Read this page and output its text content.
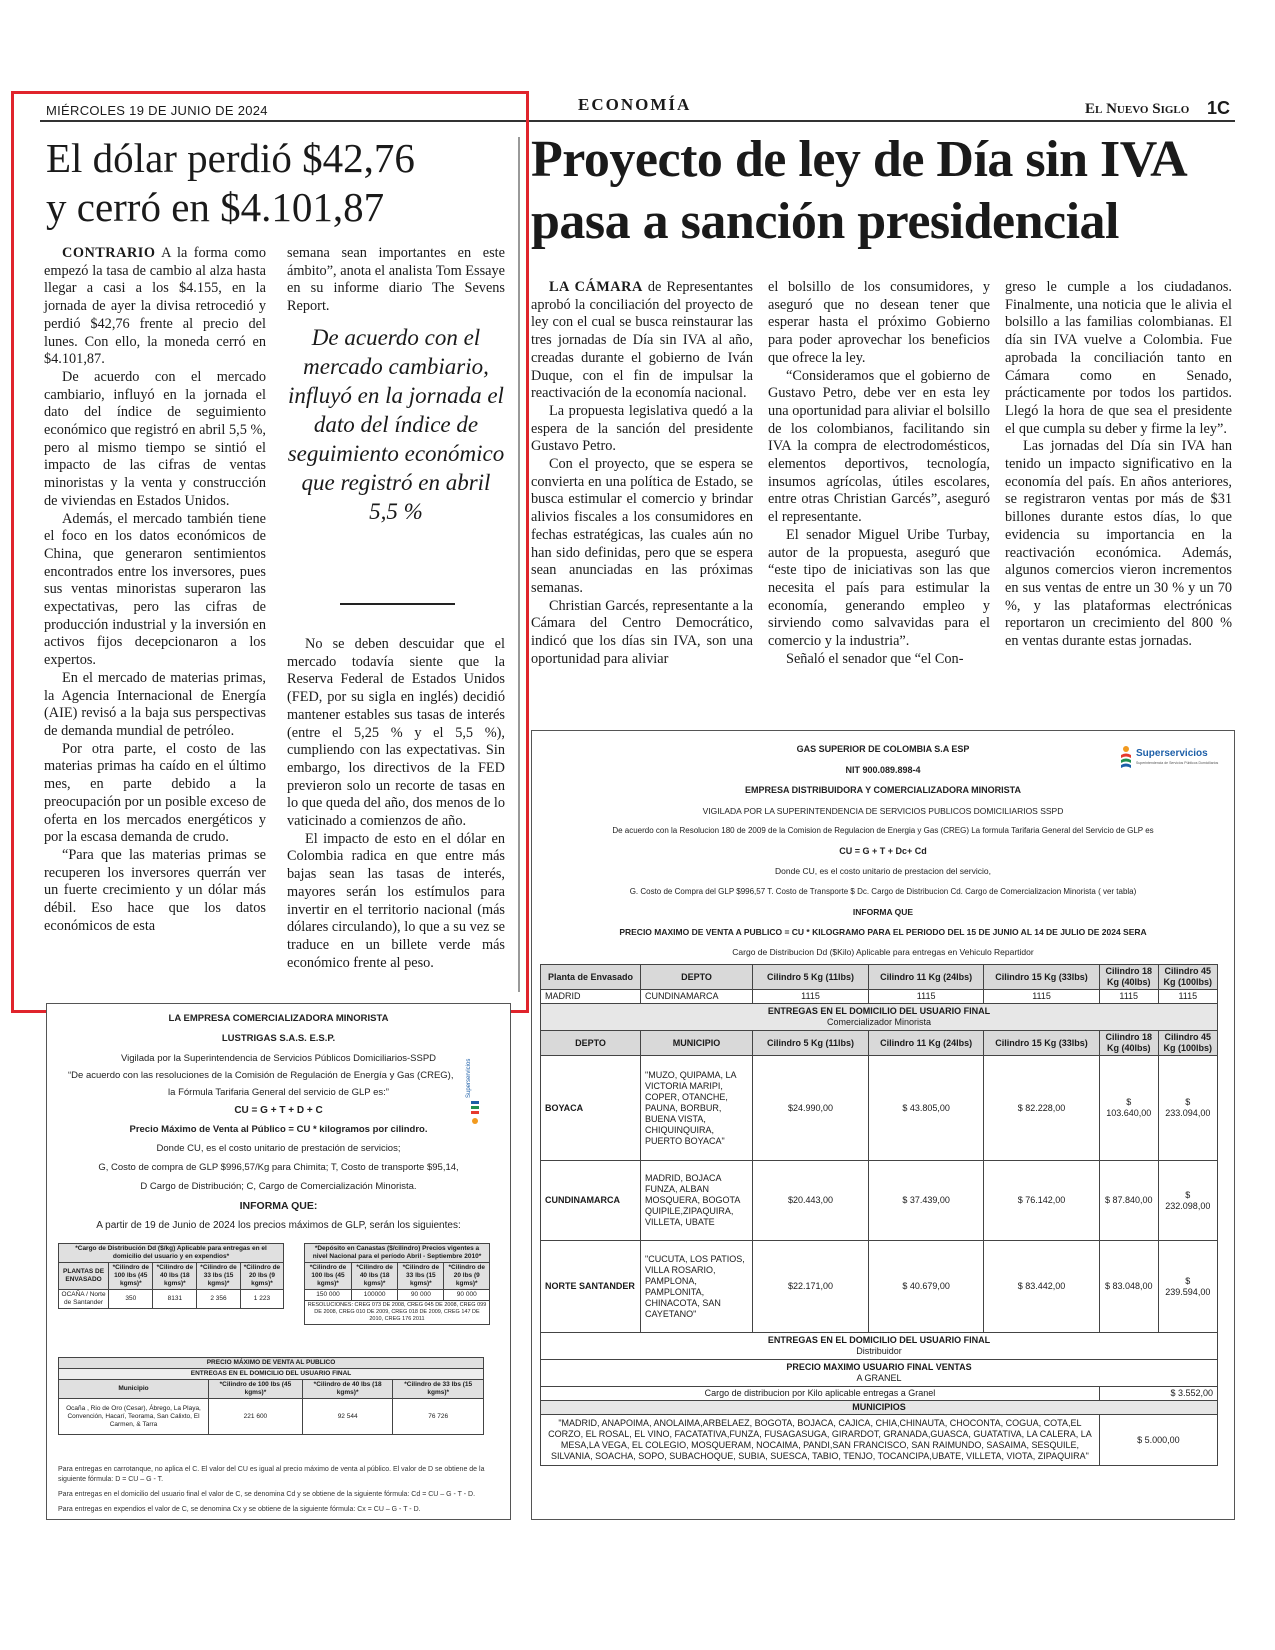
MIÉRCOLES 19 DE JUNIO DE 2024	ECONOMÍA	El Nuevo Siglo 1C
El dólar perdió $42,76
y cerró en $4.101,87

CONTRARIO A la forma como empezó la tasa de cambio al alza hasta llegar a casi a los $4.155, en la jornada de ayer la divisa retrocedió y perdió $42,76 frente al precio del lunes. Con ello, la moneda cerró en $4.101,87.

De acuerdo con el mercado cambiario, influyó en la jornada el dato del índice de seguimiento económico que registró en abril 5,5 %, pero al mismo tiempo se sintió el impacto de las cifras de ventas minoristas y la venta y construcción de viviendas en Estados Unidos.

Además, el mercado también tiene el foco en los datos económicos de China, que generaron sentimientos encontrados entre los inversores, pues sus ventas minoristas superaron las expectativas, pero las cifras de producción industrial y la inversión en activos fijos decepcionaron a los expertos.

En el mercado de materias primas, la Agencia Internacional de Energía (AIE) revisó a la baja sus perspectivas de demanda mundial de petróleo.

Por otra parte, el costo de las materias primas ha caído en el último mes, en parte debido a la preocupación por un posible exceso de oferta en los mercados energéticos y por la escasa demanda de crudo.

“Para que las materias primas se recuperen los inversores querrán ver un fuerte crecimiento y un dólar más débil. Eso hace que los datos económicos de esta

semana sean importantes en este ámbito”, anota el analista Tom Essaye en su informe diario The Sevens Report.

De acuerdo con el mercado cambiario, influyó en la jornada el dato del índice de seguimiento económico que registró en abril 5,5 %

No se deben descuidar que el mercado todavía siente que la Reserva Federal de Estados Unidos (FED, por su sigla en inglés) decidió mantener estables sus tasas de interés (entre el 5,25 % y el 5,5 %), cumpliendo con las expectativas. Sin embargo, los directivos de la FED previeron solo un recorte de tasas en lo que queda del año, dos menos de lo vaticinado a comienzos de año.

El impacto de esto en el dólar en Colombia radica en que entre más bajas sean las tasas de interés, mayores serán los estímulos para invertir en el territorio nacional (más dólares circulando), lo que a su vez se traduce en un billete verde más económico frente al peso.

Proyecto de ley de Día sin IVA
pasa a sanción presidencial

LA CÁMARA de Representantes aprobó la conciliación del proyecto de ley con el cual se busca reinstaurar las tres jornadas de Día sin IVA al año, creadas durante el gobierno de Iván Duque, con el fin de impulsar la reactivación de la economía nacional.

La propuesta legislativa quedó a la espera de la sanción del presidente Gustavo Petro.

Con el proyecto, que se espera se convierta en una política de Estado, se busca estimular el comercio y brindar alivios fiscales a los consumidores en fechas estratégicas, las cuales aún no han sido definidas, pero que se espera sean anunciadas en las próximas semanas.

Christian Garcés, representante a la Cámara del Centro Democrático, indicó que los días sin IVA, son una oportunidad para aliviar

el bolsillo de los consumidores, y aseguró que no desean tener que esperar hasta el próximo Gobierno para poder aprovechar los beneficios que ofrece la ley.

“Consideramos que el gobierno de Gustavo Petro, debe ver en esta ley una oportunidad para aliviar el bolsillo de los colombianos, facilitando sin IVA la compra de electrodomésticos, elementos deportivos, tecnología, insumos agrícolas, útiles escolares, entre otras Christian Garcés”, aseguró el representante.

El senador Miguel Uribe Turbay, autor de la propuesta, aseguró que “este tipo de iniciativas son las que necesita el país para estimular la economía, generando empleo y sirviendo como salvavidas para el comercio y la industria”.

Señaló el senador que “el Con-

greso le cumple a los ciudadanos. Finalmente, una noticia que le alivia el bolsillo a las familias colombianas. El día sin IVA vuelve a Colombia. Fue aprobada la conciliación tanto en Cámara como en Senado, prácticamente por todos los partidos. Llegó la hora de que sea el presidente el que cumpla su deber y firme la ley”.

Las jornadas del Día sin IVA han tenido un impacto significativo en la economía del país. En años anteriores, se registraron ventas por más de $31 billones durante estos días, lo que evidencia su importancia en la reactivación económica. Además, algunos comercios vieron incrementos en sus ventas de entre un 30 % y un 70 %, y las plataformas electrónicas reportaron un crecimiento del 800 % en ventas durante estas jornadas.

GAS SUPERIOR DE COLOMBIA S.A ESP
NIT 900.089.898-4
EMPRESA DISTRIBUIDORA Y COMERCIALIZADORA MINORISTA
VIGILADA POR LA SUPERINTENDENCIA DE SERVICIOS PUBLICOS DOMICILIARIOS SSPD
De acuerdo con la Resolucion 180 de 2009 de la Comision de Regulacion de Energia y Gas (CREG) La formula Tarifaria General del Servicio de GLP es
CU = G + T + Dc+ Cd
Donde CU, es el costo unitario de prestacion del servicio,
G. Costo de Compra del GLP $996,57 T. Costo de Transporte $ Dc. Cargo de Distribucion Cd. Cargo de Comercializacion Minorista ( ver tabla)
INFORMA QUE
PRECIO MAXIMO DE VENTA A PUBLICO = CU * KILOGRAMO PARA EL PERIODO DEL 15 DE JUNIO AL 14 DE JULIO DE 2024 SERA
Cargo de Distribucion Dd ($Kilo) Aplicable para entregas en Vehiculo Repartidor
Superservicios
Superintendencia de Servicios Públicos Domiciliarios
Planta de Envasado	DEPTO	Cilindro 5 Kg (11lbs)	Cilindro 11 Kg (24lbs)	Cilindro 15 Kg (33lbs)	Cilindro 18 Kg (40lbs)	Cilindro 45 Kg (100lbs)
MADRID	CUNDINAMARCA	1115	1115	1115	1115	1115

ENTREGAS EN EL DOMICILIO DEL USUARIO FINAL
Comercializador Minorista						

DEPTO	MUNICIPIO	Cilindro 5 Kg (11lbs)	Cilindro 11 Kg (24lbs)	Cilindro 15 Kg (33lbs)	Cilindro 18 Kg (40lbs)	Cilindro 45 Kg (100lbs)
BOYACA	"MUZO, QUIPAMA, LA VICTORIA MARIPI, COPER, OTANCHE, PAUNA, BORBUR, BUENA VISTA, CHIQUINQUIRA, PUERTO BOYACA"	$24.990,00	$ 43.805,00	$ 82.228,00	$ 103.640,00	$ 233.094,00
CUNDINAMARCA	MADRID, BOJACA FUNZA, ALBAN MOSQUERA, BOGOTA QUIPILE,ZIPAQUIRA, VILLETA, UBATE	$20.443,00	$ 37.439,00	$ 76.142,00	$ 87.840,00	$ 232.098,00
NORTE SANTANDER	"CUCUTA, LOS PATIOS, VILLA ROSARIO, PAMPLONA, PAMPLONITA, CHINACOTA, SAN CAYETANO"	$22.171,00	$ 40.679,00	$ 83.442,00	$ 83.048,00	$ 239.594,00

ENTREGAS EN EL DOMICILIO DEL USUARIO FINAL
Distribuidor						

PRECIO MAXIMO USUARIO FINAL VENTAS
A GRANEL						

Cargo de distribucion por Kilo aplicable entregas a Granel					$ 3.552,00	
MUNICIPIOS						
"MADRID, ANAPOIMA, ANOLAIMA,ARBELAEZ, BOGOTA, BOJACA, CAJICA, CHIA,CHINAUTA, CHOCONTA, COGUA, COTA,EL CORZO, EL ROSAL, EL VINO, FACATATIVA,FUNZA, FUSAGASUGA, GIRARDOT, GRANADA,GUASCA, GUATATIVA, LA CALERA, LA MESA,LA VEGA, EL COLEGIO, MOSQUERAM, NOCAIMA, PANDI,SAN FRANCISCO, SAN RAIMUNDO, SASAIMA, SESQUILE, SILVANIA, SOACHA, SOPO, SUBACHOQUE, SUBIA, SUESCA, TABIO, TENJO, TOCANCIPA,UBATE, VILLETA, VIOTA, ZIPAQUIRA"					$ 5.000,00	
LA EMPRESA COMERCIALIZADORA MINORISTA
LUSTRIGAS S.A.S. E.S.P.
Vigilada por la Superintendencia de Servicios Públicos Domiciliarios-SSPD
“De acuerdo con las resoluciones de la Comisión de Regulación de Energía y Gas (CREG),
la Fórmula Tarifaria General del servicio de GLP es:”
CU = G + T + D + C
Precio Máximo de Venta al Público = CU * kilogramos por cilindro.
Donde CU, es el costo unitario de prestación de servicios;
G, Costo de compra de GLP $996,57/Kg para Chimita; T, Costo de transporte $95,14,
D Cargo de Distribución; C, Cargo de Comercialización Minorista.
INFORMA QUE:
A partir de 19 de Junio de 2024 los precios máximos de GLP, serán los siguientes:
Superservicios
*Cargo de Distribución Dd ($/kg) Aplicable para entregas en el domicilio del usuario y en expendios*				
PLANTAS DE ENVASADO	*Cilindro de 100 lbs (45 kgms)*	*Cilindro de 40 lbs (18 kgms)*	*Cilindro de 33 lbs (15 kgms)*	*Cilindro de 20 lbs (9 kgms)*
OCAÑA / Norte de Santander	350	8131	2 356	1 223
*Depósito en Canastas ($/cilindro) Precios vigentes a nivel Nacional para el período Abril - Septiembre 2010*			
*Cilindro de 100 lbs (45 kgms)*	*Cilindro de 40 lbs (18 kgms)*	*Cilindro de 33 lbs (15 kgms)*	*Cilindro de 20 lbs (9 kgms)*
150 000	100000	90 000	90 000
RESOLUCIONES: CREG 073 DE 2008, CREG 045 DE 2008, CREG 099 DE 2008, CREG 010 DE 2009, CREG 018 DE 2009, CREG 147 DE 2010, CREG 176 2011			
PRECIO MÁXIMO DE VENTA AL PUBLICO			
ENTREGAS EN EL DOMICILIO DEL USUARIO FINAL			
Municipio	*Cilindro de 100 lbs (45 kgms)*	*Cilindro de 40 lbs (18 kgms)*	*Cilindro de 33 lbs (15 kgms)*
Ocaña , Rio de Oro (Cesar), Ábrego, La Playa, Convención, Hacarí, Teorama, San Calixto, El Carmen, & Tarra	221 600	92 544	76 726
Para entregas en carrotanque, no aplica el C. El valor del CU es igual al precio máximo de venta al público. El valor de D se obtiene de la siguiente fórmula: D = CU – G - T.
Para entregas en el domicilio del usuario final el valor de C, se denomina Cd y se obtiene de la siguiente fórmula: Cd = CU – G - T - D.
Para entregas en expendios el valor de C, se denomina Cx y se obtiene de la siguiente fórmula: Cx = CU – G - T - D.
